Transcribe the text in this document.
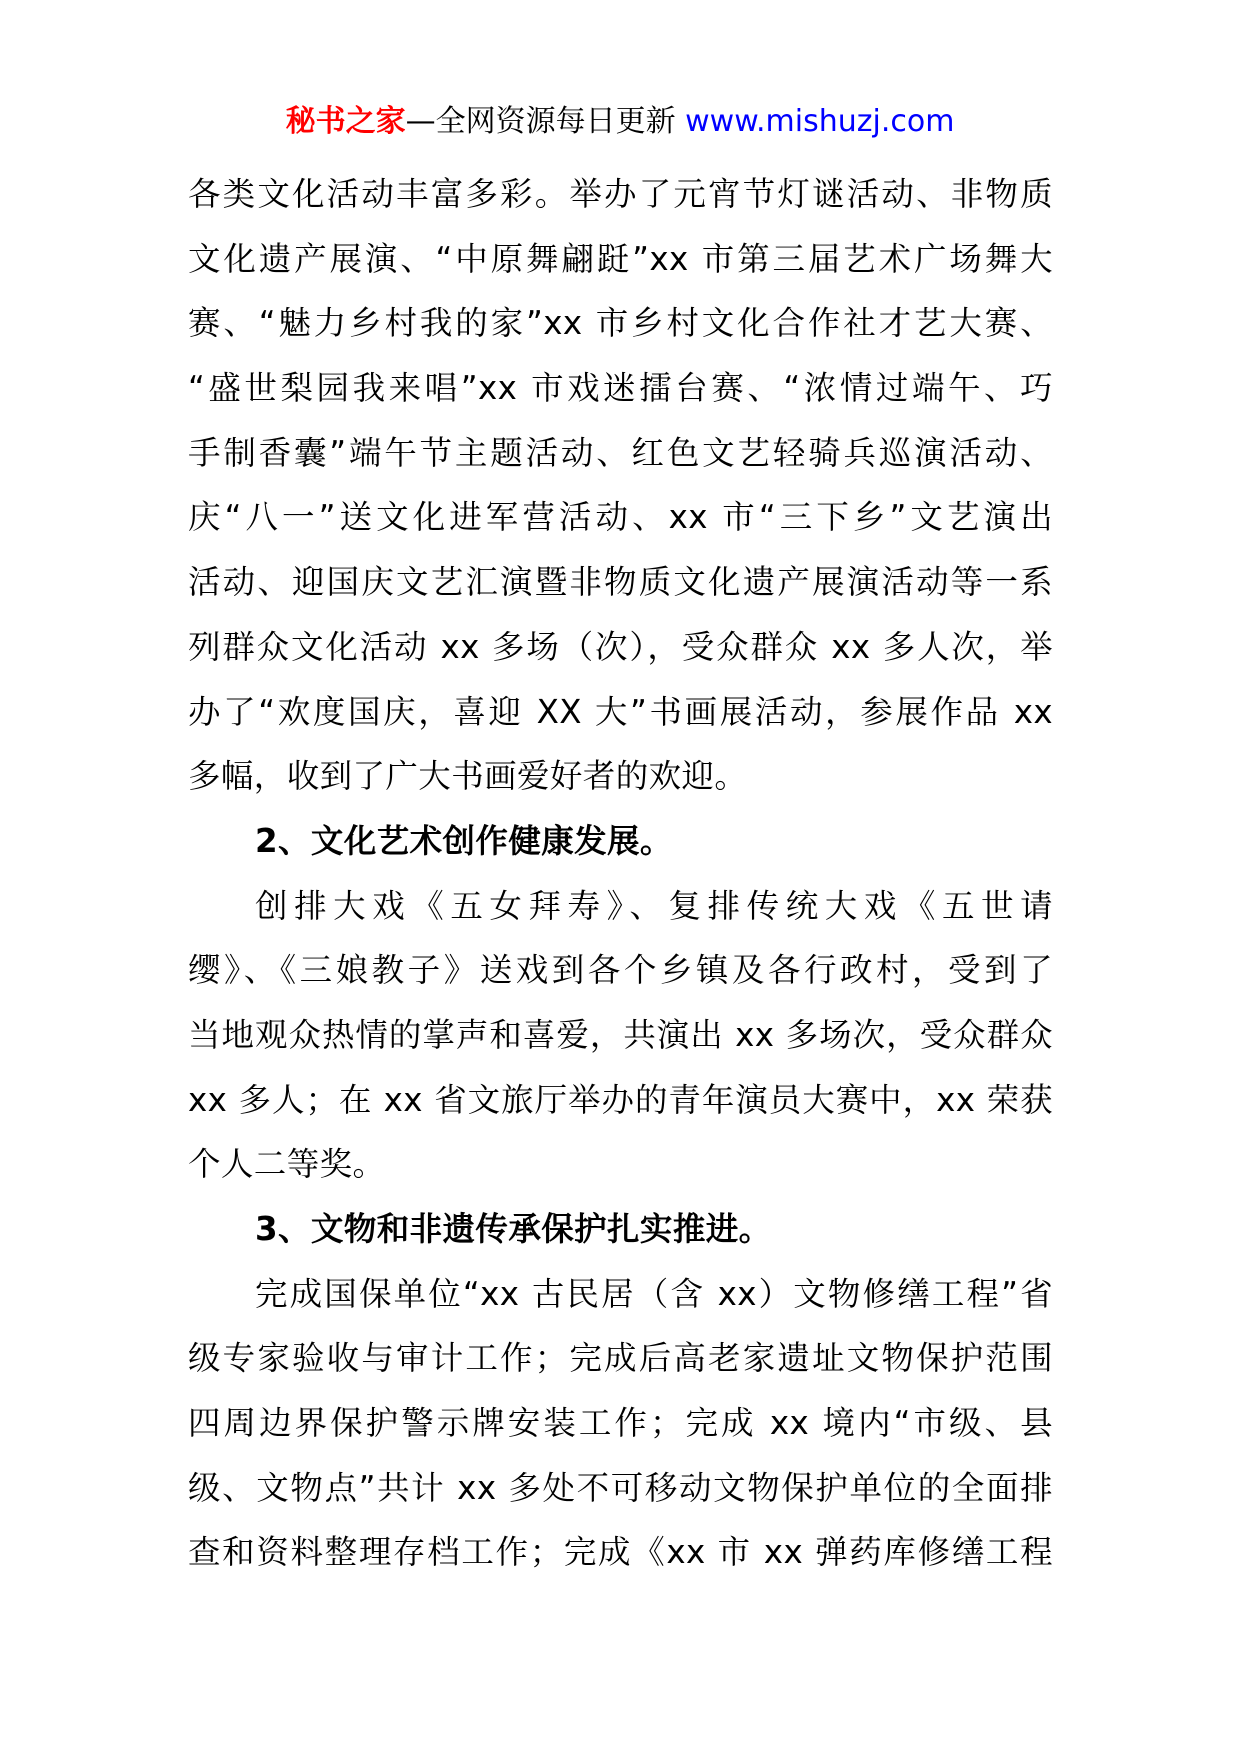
秘书之家—全网资源每日更新 www.mishuzj.com
各类文化活动丰富多彩。举办了元宵节灯谜活动、非物质
文化遗产展演、“中原舞翩跹”xx 市第三届艺术广场舞大
赛、“魅力乡村我的家”xx 市乡村文化合作社才艺大赛、
“盛世梨园我来唱”xx 市戏迷擂台赛、“浓情过端午、巧
手制香囊”端午节主题活动、红色文艺轻骑兵巡演活动、
庆“八一”送文化进军营活动、xx 市“三下乡”文艺演出
活动、迎国庆文艺汇演暨非物质文化遗产展演活动等一系
列群众文化活动 xx 多场（次），受众群众 xx 多人次，举
办了“欢度国庆，喜迎 XX 大”书画展活动，参展作品 xx
多幅，收到了广大书画爱好者的欢迎。
2、文化艺术创作健康发展。
创排大戏《五女拜寿》、复排传统大戏《五世请
缨》、《三娘教子》送戏到各个乡镇及各行政村，受到了
当地观众热情的掌声和喜爱，共演出 xx 多场次，受众群众
xx 多人；在 xx 省文旅厅举办的青年演员大赛中，xx 荣获
个人二等奖。
3、文物和非遗传承保护扎实推进。
完成国保单位“xx 古民居（含 xx）文物修缮工程”省
级专家验收与审计工作；完成后高老家遗址文物保护范围
四周边界保护警示牌安装工作；完成 xx 境内“市级、县
级、文物点”共计 xx 多处不可移动文物保护单位的全面排
查和资料整理存档工作；完成《xx 市 xx 弹药库修缮工程
